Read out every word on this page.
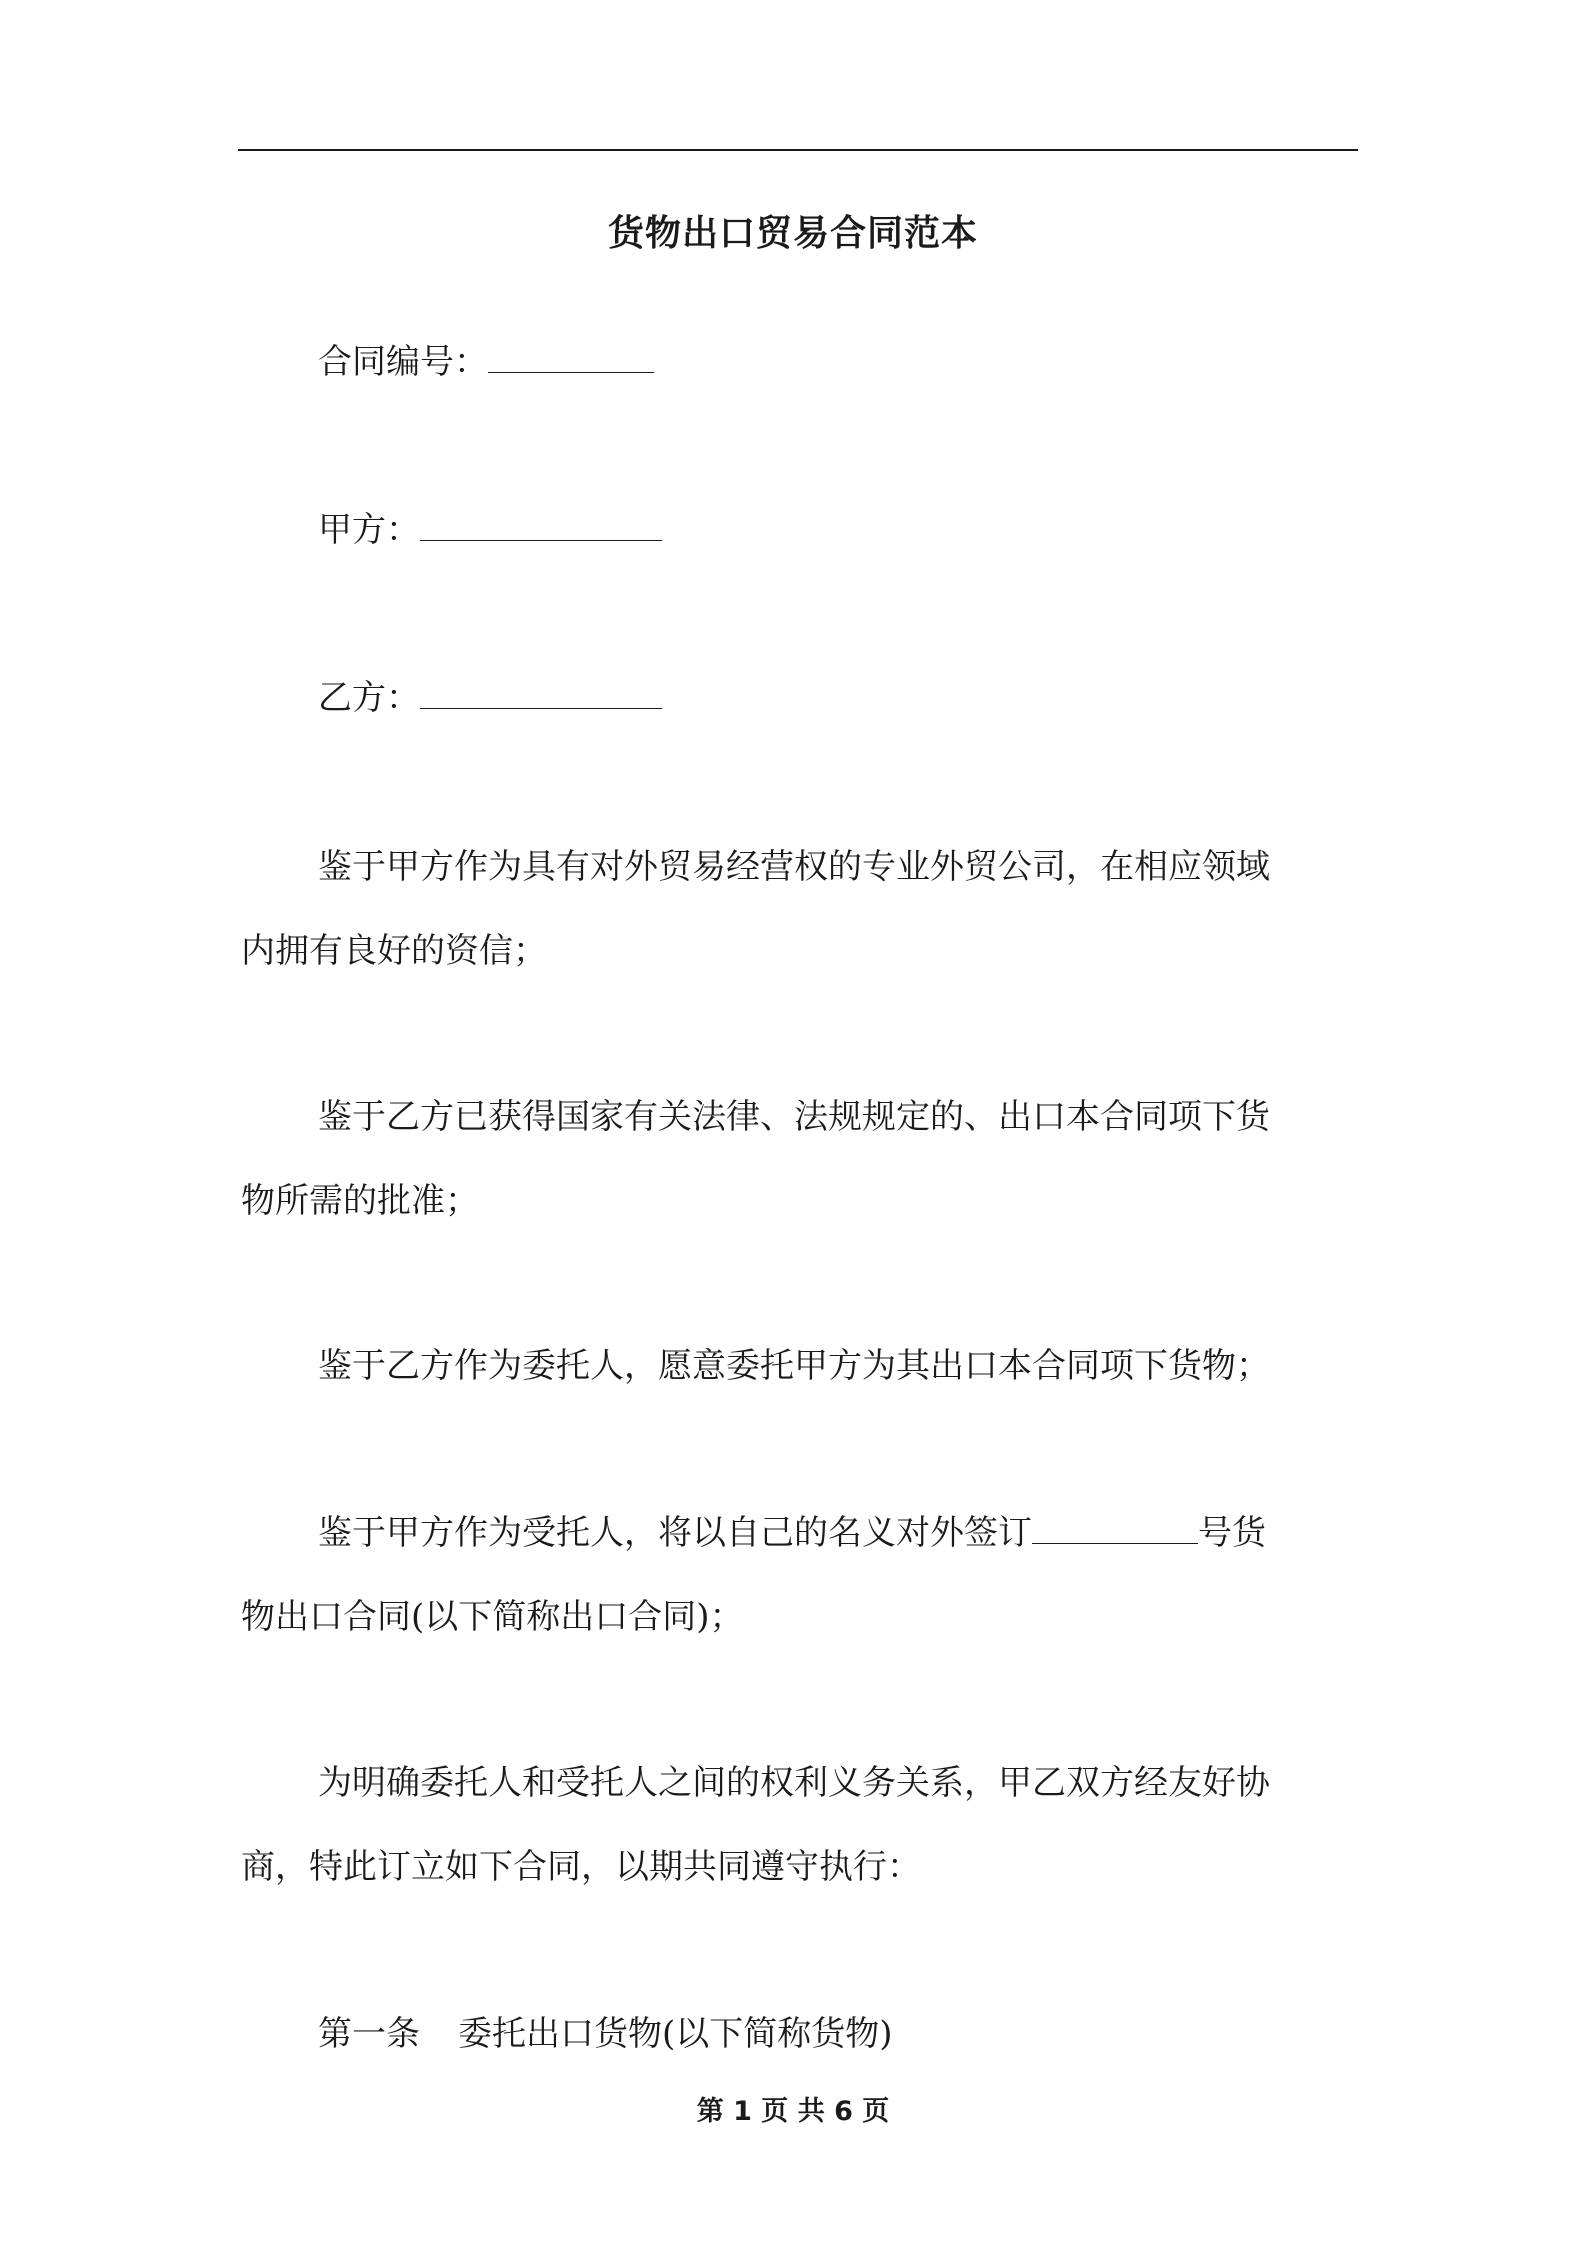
货物出口贸易合同范本
合同编号：
甲方：
乙方：
鉴于甲方作为具有对外贸易经营权的专业外贸公司，在相应领域
内拥有良好的资信；
鉴于乙方已获得国家有关法律、法规规定的、出口本合同项下货
物所需的批准；
鉴于乙方作为委托人，愿意委托甲方为其出口本合同项下货物；
鉴于甲方作为受托人，将以自己的名义对外签订	号货
物出口合同(以下简称出口合同)；
为明确委托人和受托人之间的权利义务关系，甲乙双方经友好协
商，特此订立如下合同，以期共同遵守执行：
第一条 委托出口货物(以下简称货物)
第 1 页 共 6 页
